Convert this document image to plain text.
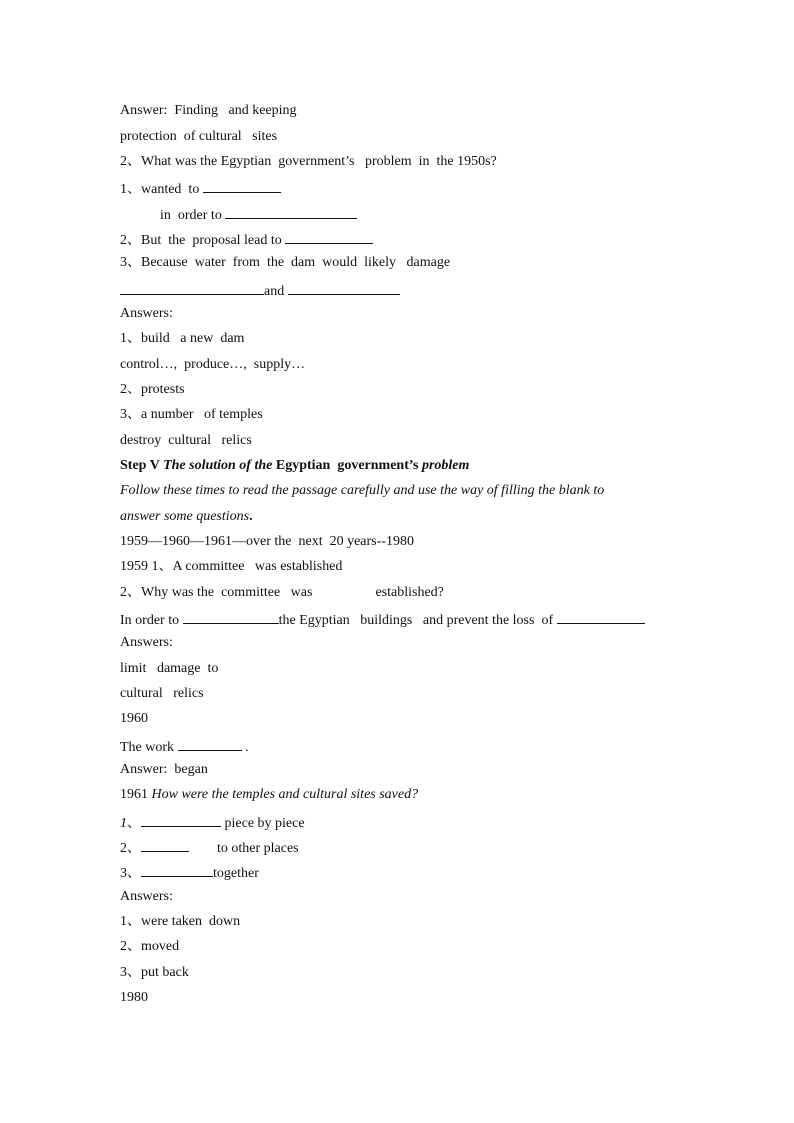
Answer:  Finding   and keeping
protection  of cultural   sites
2、What was the Egyptian  government’s   problem  in  the 1950s?
1、wanted  to
in  order to
2、But  the  proposal lead to
3、Because  water  from  the  dam  would  likely   damage
and
Answers:
1、build   a new  dam
control…,  produce…,  supply…
2、protests
3、a number   of temples
destroy  cultural   relics
Step V The solution of the Egyptian  government’s problem
Follow these times to read the passage carefully and use the way of filling the blank to
answer some questions.
1959—1960—1961—over the  next  20 years--1980
1959 1、A committee   was established
2、Why was the  committee   was                  established?
In order to	the Egyptian   buildings   and prevent the loss  of
Answers:
limit   damage  to
cultural   relics
1960
The work	.
Answer:  began
1961 How were the temples and cultural sites saved?
1、	piece by piece
2、	to other places
3、	together
Answers:
1、were taken  down
2、moved
3、put back
1980
